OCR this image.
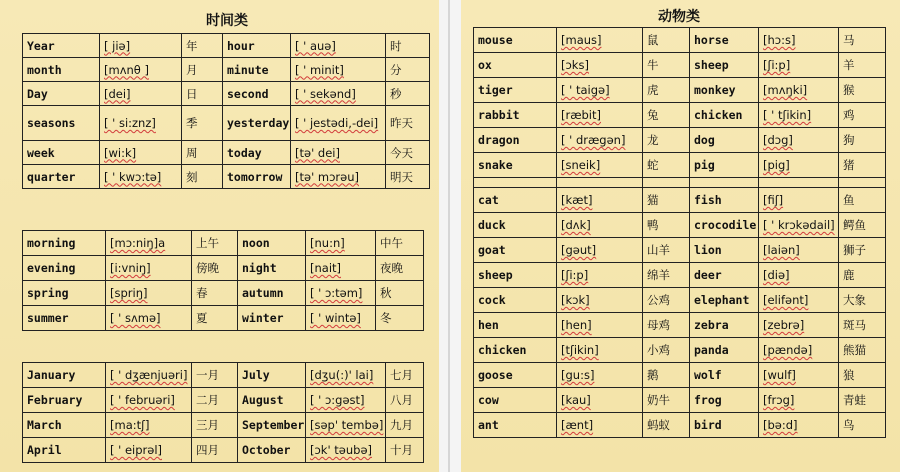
时间类
Year	[ jiə]	年	hour	[ ' auə]	时
month	[mʌnθ ]	月	minute	[ ' minit]	分
Day	[dei]	日	second	[ ' sekənd]	秒
seasons	[ ' si:znz]	季	yesterday	[ ' jestədi,-dei]	昨天
week	[wi:k]	周	today	[tə' dei]	今天
quarter	[ ' kwɔ:tə]	刻	tomorrow	[tə' mɔrəu]	明天
morning	[mɔ:niŋ]a	上午	noon	[nu:n]	中午
evening	[i:vniŋ]	傍晚	night	[nait]	夜晚
spring	[spriŋ]	春	autumn	[ ' ɔ:təm]	秋
summer	[ ' sʌmə]	夏	winter	[ ' wintə]	冬
January	[ ' dʒænjuəri]	一月	July	[dʒu(:)' lai]	七月
February	[ ' februəri]	二月	August	[ ' ɔ:gəst]	八月
March	[ma:tʃ]	三月	September	[səp' tembə]	九月
April	[ ' eiprəl]	四月	October	[ɔk' təubə]	十月
动物类
mouse	[maus]	鼠	horse	[hɔ:s]	马
ox	[ɔks]	牛	sheep	[ʃi:p]	羊
tiger	[ ' taigə]	虎	monkey	[mʌŋki]	猴
rabbit	[ræbit]	兔	chicken	[ ' tʃikin]	鸡
dragon	[ ' drægən]	龙	dog	[dɔg]	狗
snake	[sneik]	蛇	pig	[pig]	猪

cat	[kæt]	猫	fish	[fiʃ]	鱼
duck	[dʌk]	鸭	crocodile	[ ' krɔkədail]	鳄鱼
goat	[gəut]	山羊	lion	[laiən]	狮子
sheep	[ʃi:p]	绵羊	deer	[diə]	鹿
cock	[kɔk]	公鸡	elephant	[elifənt]	大象
hen	[hen]	母鸡	zebra	[zebrə]	斑马
chicken	[tʃikin]	小鸡	panda	[pændə]	熊猫
goose	[gu:s]	鹅	wolf	[wulf]	狼
cow	[kau]	奶牛	frog	[frɔg]	青蛙
ant	[ænt]	蚂蚁	bird	[bə:d]	鸟
